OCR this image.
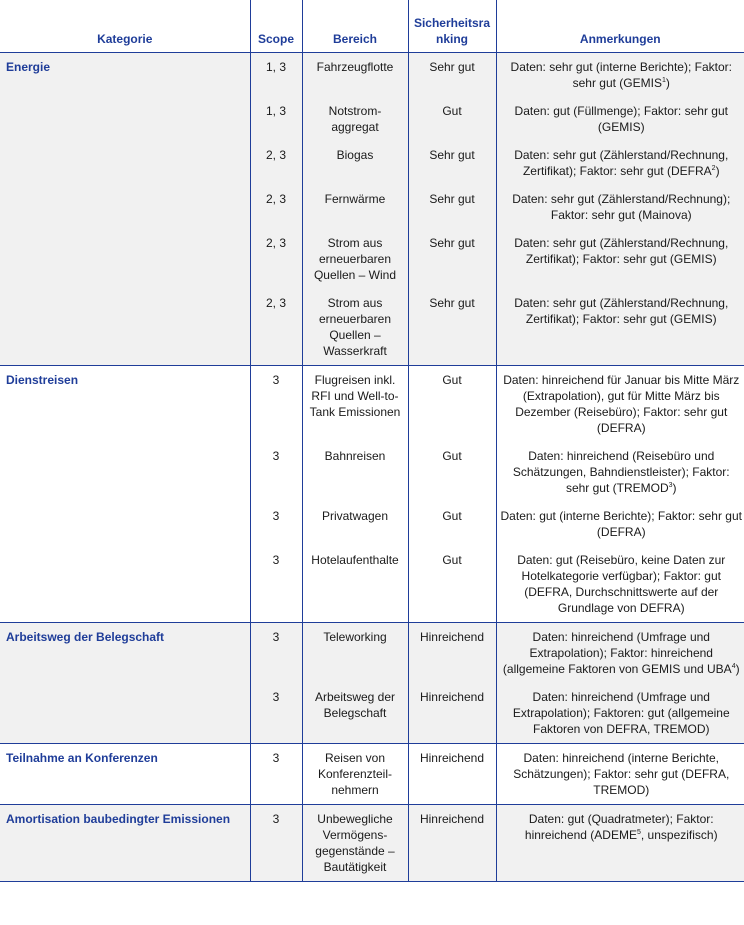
Kategorie	Scope	Bereich	Sicherheitsranking	Anmerkungen
Energie	1, 3	Fahrzeugflotte	Sehr gut	Daten: sehr gut (interne Berichte); Faktor: sehr gut (GEMIS$^1$)
	1, 3	Notstrom-aggregat	Gut	Daten: gut (Füllmenge); Faktor: sehr gut (GEMIS)
	2, 3	Biogas	Sehr gut	Daten: sehr gut (Zählerstand/Rechnung, Zertifikat); Faktor: sehr gut (DEFRA$^2$)
	2, 3	Fernwärme	Sehr gut	Daten: sehr gut (Zählerstand/Rechnung); Faktor: sehr gut (Mainova)
	2, 3	Strom aus erneuerbaren Quellen – Wind	Sehr gut	Daten: sehr gut (Zählerstand/Rechnung, Zertifikat); Faktor: sehr gut (GEMIS)
	2, 3	Strom aus erneuerbaren Quellen – Wasserkraft	Sehr gut	Daten: sehr gut (Zählerstand/Rechnung, Zertifikat); Faktor: sehr gut (GEMIS)
Dienstreisen	3	Flugreisen inkl. RFI und Well-to-Tank Emissionen	Gut	Daten: hinreichend für Januar bis Mitte März (Extrapolation), gut für Mitte März bis Dezember (Reisebüro); Faktor: sehr gut (DEFRA)
	3	Bahnreisen	Gut	Daten: hinreichend (Reisebüro und Schätzungen, Bahndienstleister); Faktor: sehr gut (TREMOD$^3$)
	3	Privatwagen	Gut	Daten: gut (interne Berichte); Faktor: sehr gut (DEFRA)
	3	Hotelaufenthalte	Gut	Daten: gut (Reisebüro, keine Daten zur Hotelkategorie verfügbar); Faktor: gut (DEFRA, Durchschnittswerte auf der Grundlage von DEFRA)
Arbeitsweg der Belegschaft	3	Teleworking	Hinreichend	Daten: hinreichend (Umfrage und Extrapolation); Faktor: hinreichend (allgemeine Faktoren von GEMIS und UBA$^4$)
	3	Arbeitsweg der Belegschaft	Hinreichend	Daten: hinreichend (Umfrage und Extrapolation); Faktoren: gut (allgemeine Faktoren von DEFRA, TREMOD)
Teilnahme an Konferenzen	3	Reisen von Konferenzteil-nehmern	Hinreichend	Daten: hinreichend (interne Berichte, Schätzungen); Faktor: sehr gut (DEFRA, TREMOD)
Amortisation baubedingter Emissionen	3	Unbewegliche Vermögens-gegenstände – Bautätigkeit	Hinreichend	Daten: gut (Quadratmeter); Faktor: hinreichend (ADEME$^5$, unspezifisch)
